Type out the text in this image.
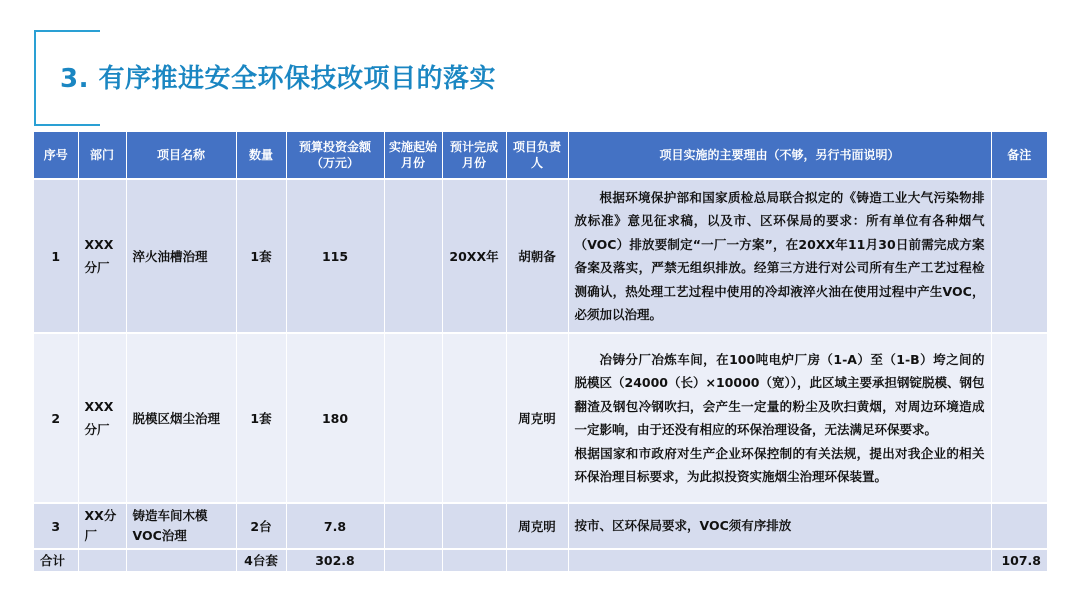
3. 有序推进安全环保技改项目的落实
序号	部门	项目名称	数量	预算投资金额（万元）	实施起始月份	预计完成月份	项目负责人	项目实施的主要理由（不够，另行书面说明）	备注
1	XXX分厂	淬火油槽治理	1套	115		20XX年	胡朝备	根据环境保护部和国家质检总局联合拟定的《铸造工业大气污染物排放标准》意见征求稿，以及市、区环保局的要求：所有单位有各种烟气（VOC）排放要制定“一厂一方案”，在20XX年11月30日前需完成方案备案及落实，严禁无组织排放。经第三方进行对公司所有生产工艺过程检测确认，热处理工艺过程中使用的冷却液淬火油在使用过程中产生VOC，必须加以治理。	

2	XXX分厂	脱模区烟尘治理	1套	180			周克明	冶铸分厂冶炼车间，在100吨电炉厂房（1-A）至（1-B）垮之间的脱模区（24000（长）×10000（宽）），此区域主要承担钢锭脱模、钢包翻渣及钢包冷钢吹扫，会产生一定量的粉尘及吹扫黄烟，对周边环境造成一定影响，由于还没有相应的环保治理设备，无法满足环保要求。

根据国家和市政府对生产企业环保控制的有关法规，提出对我企业的相关环保治理目标要求，为此拟投资实施烟尘治理环保装置。	

3	XX分厂	铸造车间木模VOC治理	2台	7.8			周克明	按市、区环保局要求，VOC须有序排放	

合计			4台套	302.8					107.8
